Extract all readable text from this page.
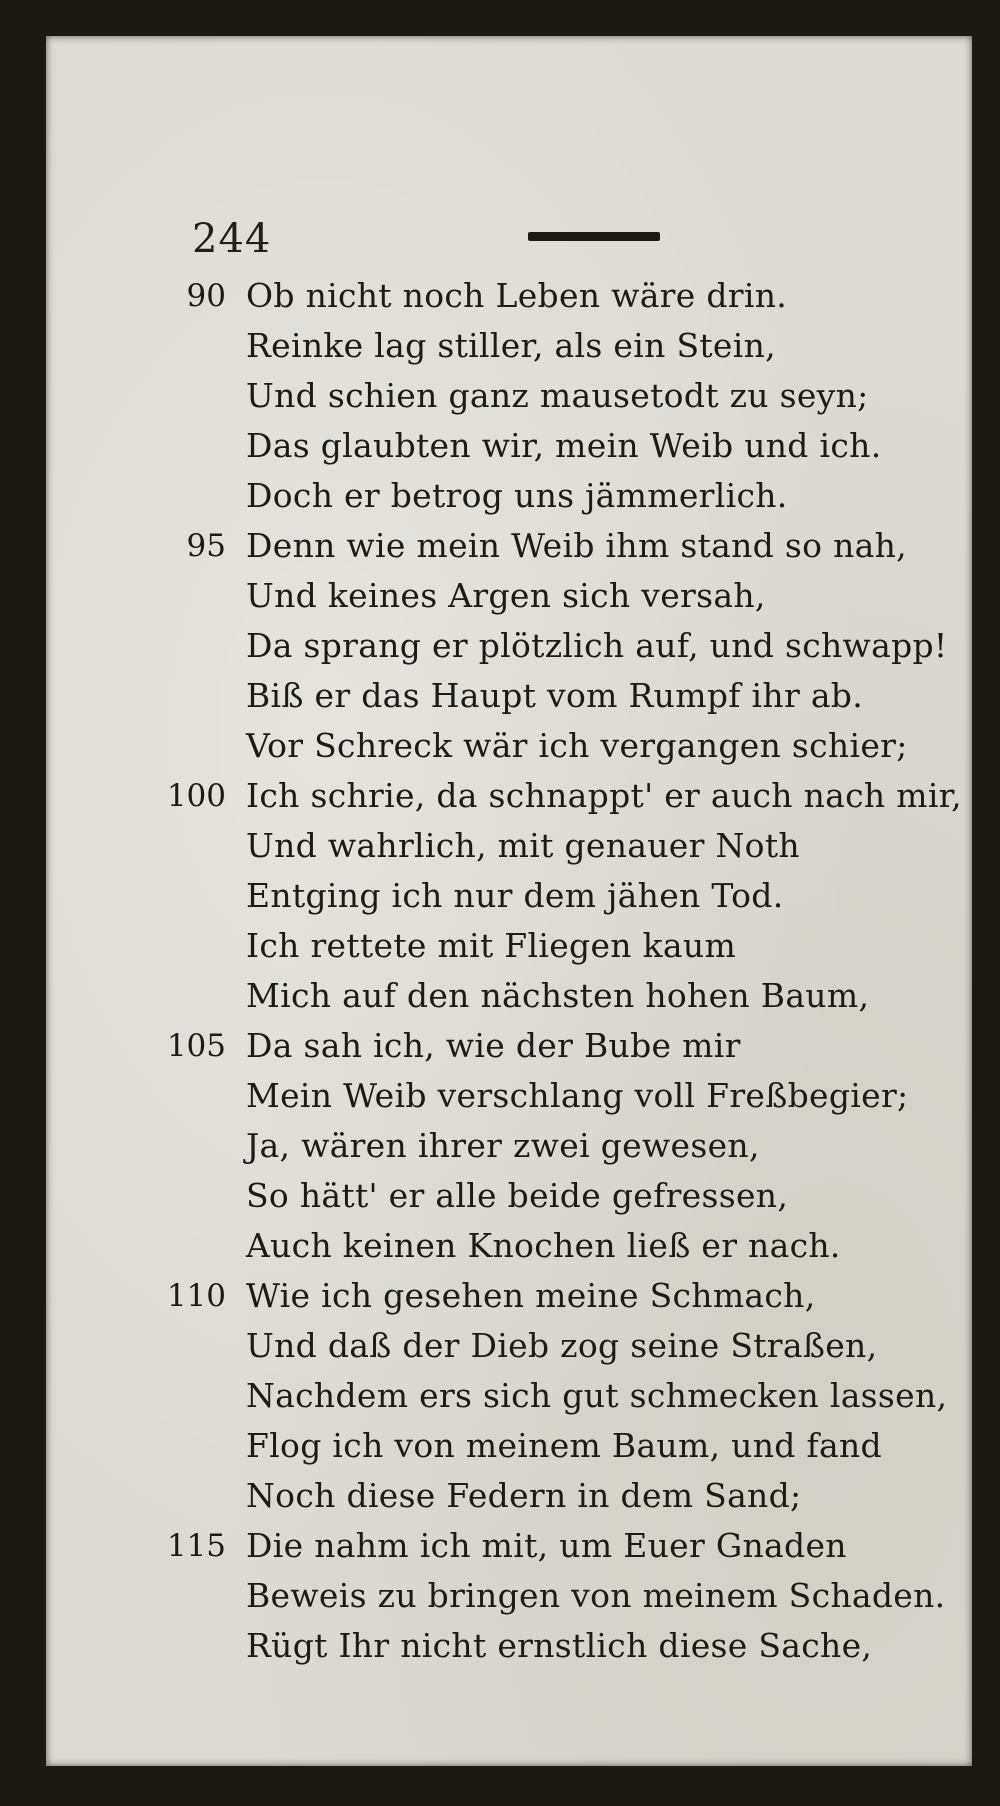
244
90 Ob nicht noch Leben wäre drin.
Reinke lag stiller, als ein Stein,
Und schien ganz mausetodt zu seyn;
Das glaubten wir, mein Weib und ich.
Doch er betrog uns jämmerlich.
95 Denn wie mein Weib ihm stand so nah,
Und keines Argen sich versah,
Da sprang er plötzlich auf, und schwapp!
Biß er das Haupt vom Rumpf ihr ab.
Vor Schreck wär ich vergangen schier;
100 Ich schrie, da schnappt' er auch nach mir,
Und wahrlich, mit genauer Noth
Entging ich nur dem jähen Tod.
Ich rettete mit Fliegen kaum
Mich auf den nächsten hohen Baum,
105 Da sah ich, wie der Bube mir
Mein Weib verschlang voll Freßbegier;
Ja, wären ihrer zwei gewesen,
So hätt' er alle beide gefressen,
Auch keinen Knochen ließ er nach.
110 Wie ich gesehen meine Schmach,
Und daß der Dieb zog seine Straßen,
Nachdem ers sich gut schmecken lassen,
Flog ich von meinem Baum, und fand
Noch diese Federn in dem Sand;
115 Die nahm ich mit, um Euer Gnaden
Beweis zu bringen von meinem Schaden.
Rügt Ihr nicht ernstlich diese Sache,
